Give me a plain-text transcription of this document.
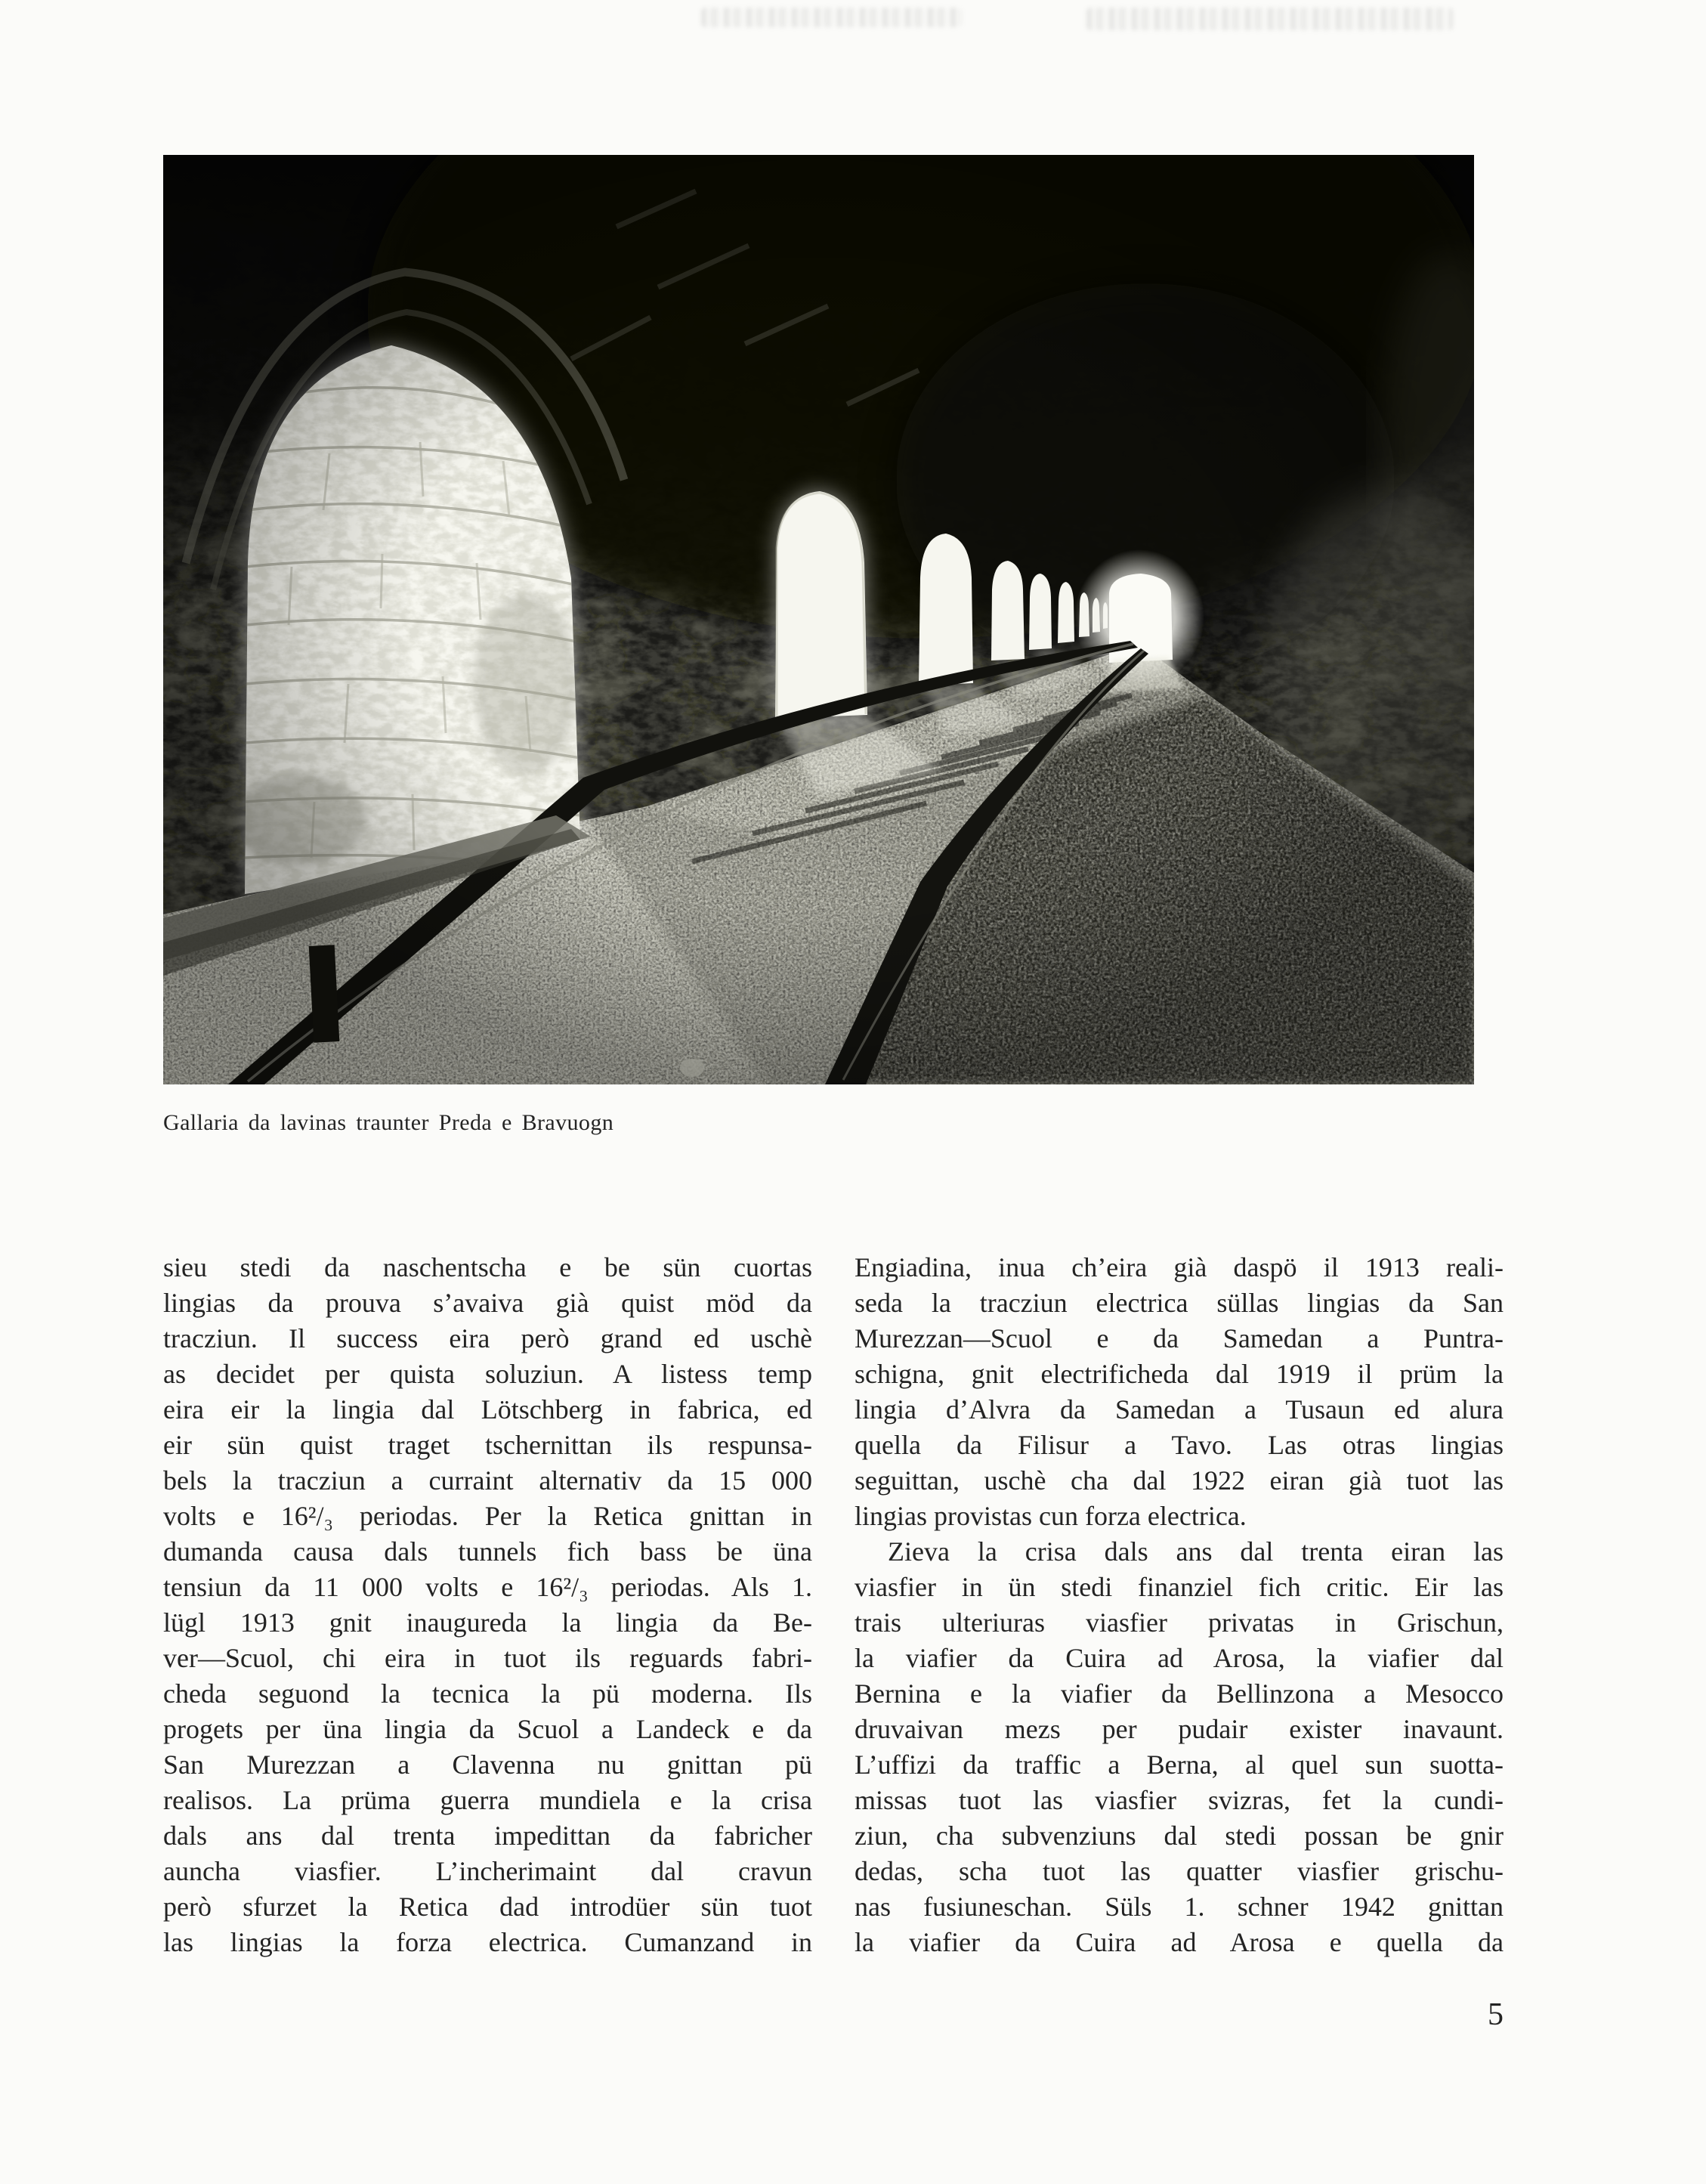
Gallaria da lavinas traunter Preda e Bravuogn
sieu stedi da naschentscha e be sün cuortas
lingias da prouva s’avaiva già quist möd da
tracziun. Il success eira però grand ed uschè
as decidet per quista soluziun. A listess temp
eira eir la lingia dal Lötschberg in fabrica, ed
eir sün quist traget tschernittan ils respunsa-
bels la tracziun a curraint alternativ da 15 000
volts e 16²/₃ periodas. Per la Retica gnittan in
dumanda causa dals tunnels fich bass be üna
tensiun da 11 000 volts e 16²/₃ periodas. Als 1.
lügl 1913 gnit inaugureda la lingia da Be-
ver—Scuol, chi eira in tuot ils reguards fabri-
cheda seguond la tecnica la pü moderna. Ils
progets per üna lingia da Scuol a Landeck e da
San Murezzan a Clavenna nu gnittan pü
realisos. La prüma guerra mundiela e la crisa
dals ans dal trenta impedittan da fabricher
auncha viasfier. L’incherimaint dal cravun
però sfurzet la Retica dad introdüer sün tuot
las lingias la forza electrica. Cumanzand in
Engiadina, inua ch’eira già daspö il 1913 reali-
seda la tracziun electrica süllas lingias da San
Murezzan—Scuol e da Samedan a Puntra-
schigna, gnit electrificheda dal 1919 il prüm la
lingia d’Alvra da Samedan a Tusaun ed alura
quella da Filisur a Tavo. Las otras lingias
seguittan, uschè cha dal 1922 eiran già tuot las
lingias provistas cun forza electrica.
Zieva la crisa dals ans dal trenta eiran las
viasfier in ün stedi finanziel fich critic. Eir las
trais ulteriuras viasfier privatas in Grischun,
la viafier da Cuira ad Arosa, la viafier dal
Bernina e la viafier da Bellinzona a Mesocco
druvaivan mezs per pudair exister inavaunt.
L’uffizi da traffic a Berna, al quel sun suotta-
missas tuot las viasfier svizras, fet la cundi-
ziun, cha subvenziuns dal stedi possan be gnir
dedas, scha tuot las quatter viasfier grischu-
nas fusiuneschan. Süls 1. schner 1942 gnittan
la viafier da Cuira ad Arosa e quella da
5
